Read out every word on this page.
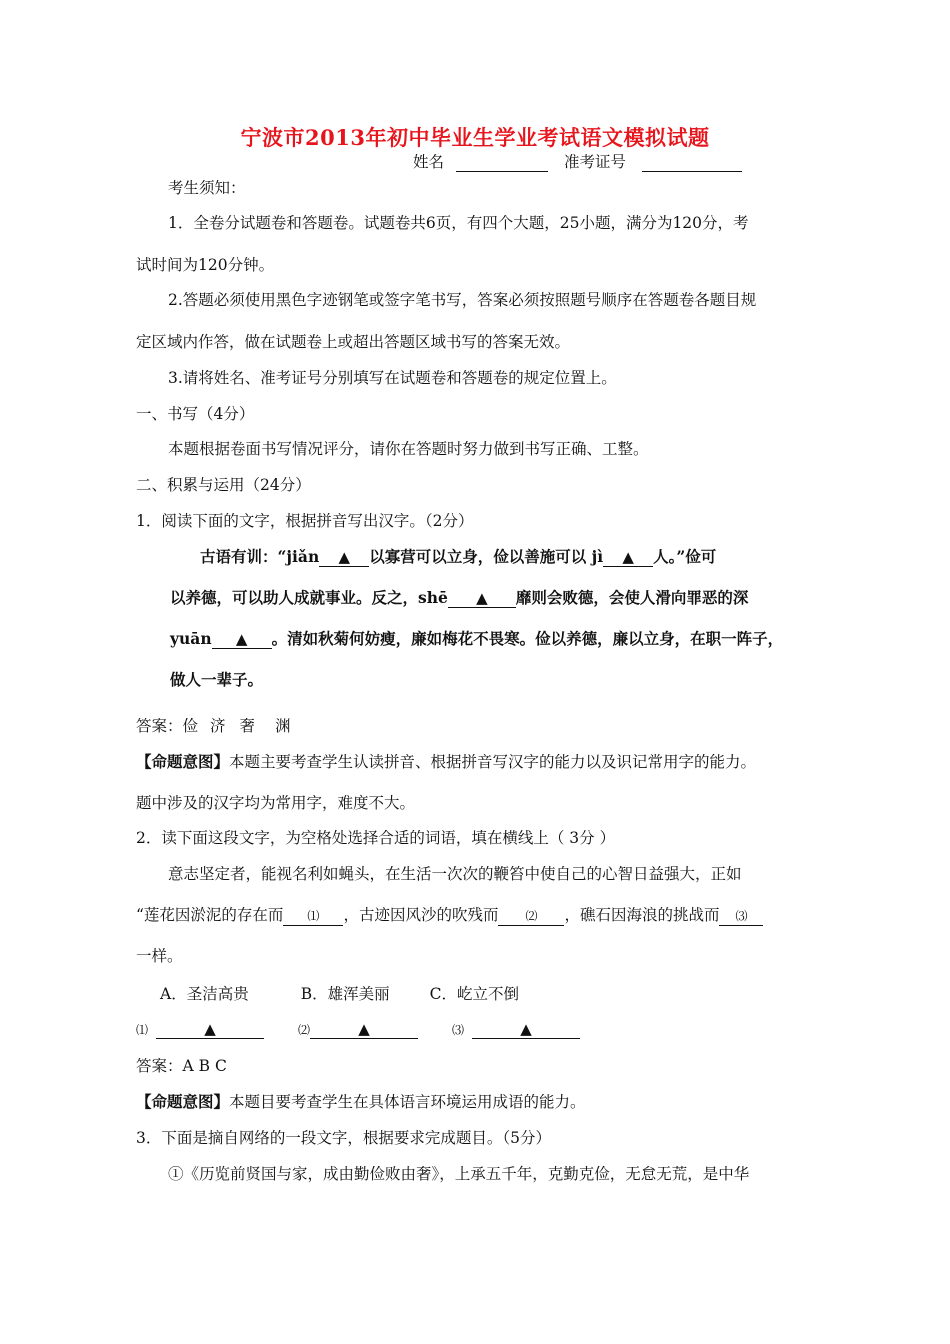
宁波市2013年初中毕业生学业考试语文模拟试题
姓名	准考证号
考生须知：
1．全卷分试题卷和答题卷。试题卷共6页，有四个大题，25小题，满分为120分，考
试时间为120分钟。
2.答题必须使用黑色字迹钢笔或签字笔书写，答案必须按照题号顺序在答题卷各题目规
定区域内作答，做在试题卷上或超出答题区域书写的答案无效。
3.请将姓名、准考证号分别填写在试题卷和答题卷的规定位置上。
一、书写（4分）
本题根据卷面书写情况评分，请你在答题时努力做到书写正确、工整。
二、积累与运用（24分）
1．阅读下面的文字，根据拼音写出汉字。（2分）
古语有训：“jiǎn ▲ 以寡营可以立身，俭以善施可以 jì ▲ 人。”俭可
以养德，可以助人成就事业。反之，shē ▲ 靡则会败德，会使人滑向罪恶的深
yuān ▲ 。清如秋菊何妨瘦，廉如梅花不畏寒。俭以养德，廉以立身，在职一阵子，
做人一辈子。
答案：俭 济 奢 渊
【命题意图】本题主要考查学生认读拼音、根据拼音写汉字的能力以及识记常用字的能力。
题中涉及的汉字均为常用字，难度不大。
2．读下面这段文字，为空格处选择合适的词语，填在横线上（ 3分 ）
意志坚定者，能视名利如蝇头，在生活一次次的鞭笞中使自己的心智日益强大，正如
“莲花因淤泥的存在而 ⑴ ，古迹因风沙的吹残而 ⑵ ，礁石因海浪的挑战而 ⑶
一样。
A．圣洁高贵	B．雄浑美丽	C．屹立不倒
⑴	▲	⑵	▲	⑶	▲
答案：A B C
【命题意图】本题目要考查学生在具体语言环境运用成语的能力。
3．下面是摘自网络的一段文字，根据要求完成题目。（5分）
①《历览前贤国与家，成由勤俭败由奢》，上承五千年，克勤克俭，无怠无荒，是中华
